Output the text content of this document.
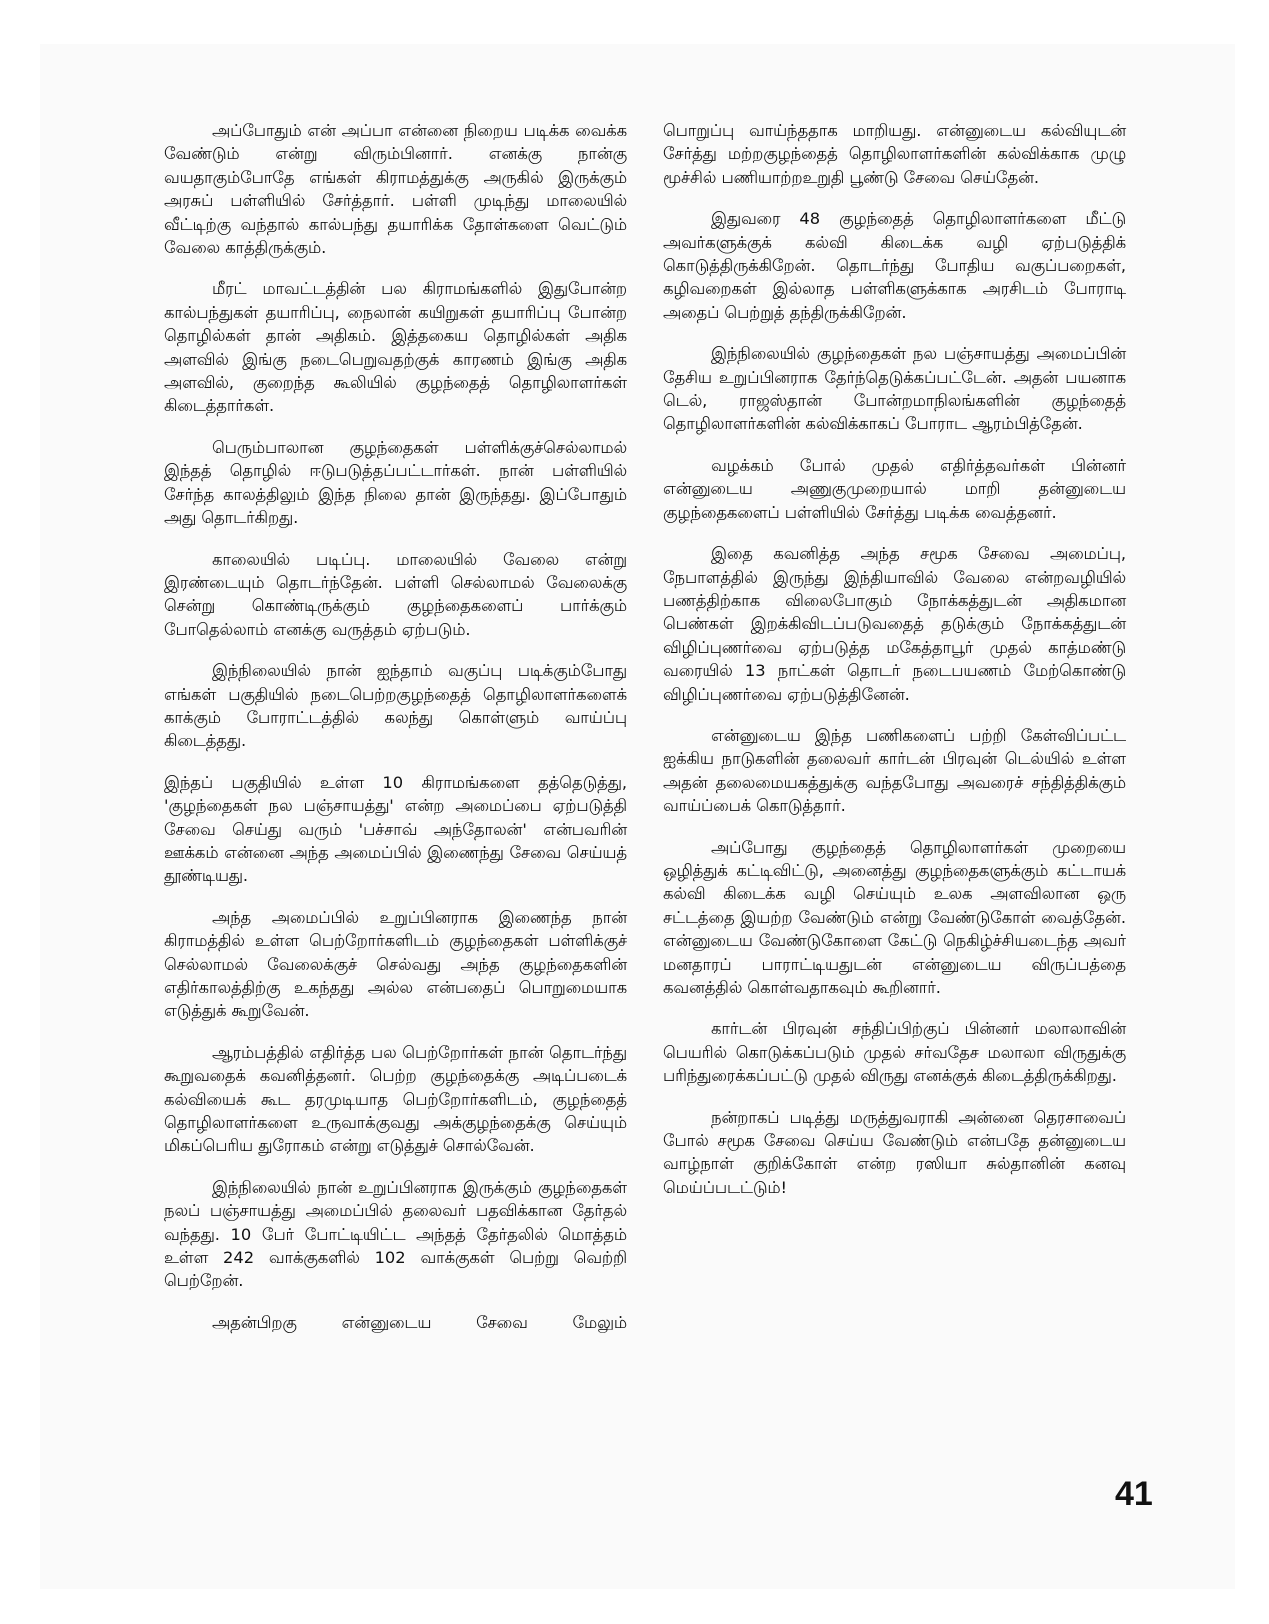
அப்போதும் என் அப்பா என்னை நிறைய படிக்க வைக்க வேண்டும் என்று விரும்பினார். எனக்கு நான்கு வயதாகும்போதே எங்கள் கிராமத்துக்கு அருகில் இருக்கும் அரசுப் பள்ளியில் சேர்த்தார். பள்ளி முடிந்து மாலையில் வீட்டிற்கு வந்தால் கால்பந்து தயாரிக்க தோள்களை வெட்டும் வேலை காத்திருக்கும்.

மீரட் மாவட்டத்தின் பல கிராமங்களில் இதுபோன்ற கால்பந்துகள் தயாரிப்பு, நைலான் கயிறுகள் தயாரிப்பு போன்ற தொழில்கள் தான் அதிகம். இத்தகைய தொழில்கள் அதிக அளவில் இங்கு நடைபெறுவதற்குக் காரணம் இங்கு அதிக அளவில், குறைந்த கூலியில் குழந்தைத் தொழிலாளர்கள் கிடைத்தார்கள்.

பெரும்பாலான குழந்தைகள் பள்ளிக்குச்செல்லாமல் இந்தத் தொழில் ஈடுபடுத்தப்பட்டார்கள். நான் பள்ளியில் சேர்ந்த காலத்திலும் இந்த நிலை தான் இருந்தது. இப்போதும் அது தொடர்கிறது.

காலையில் படிப்பு. மாலையில் வேலை என்று இரண்டையும் தொடர்ந்தேன். பள்ளி செல்லாமல் வேலைக்கு சென்று கொண்டிருக்கும் குழந்தைகளைப் பார்க்கும் போதெல்லாம் எனக்கு வருத்தம் ஏற்படும்.

இந்நிலையில் நான் ஐந்தாம் வகுப்பு படிக்கும்போது எங்கள் பகுதியில் நடைபெற்றகுழந்தைத் தொழிலாளர்களைக் காக்கும் போராட்டத்தில் கலந்து கொள்ளும் வாய்ப்பு கிடைத்தது.

இந்தப் பகுதியில் உள்ள 10 கிராமங்களை தத்தெடுத்து, 'குழந்தைகள் நல பஞ்சாயத்து' என்ற அமைப்பை ஏற்படுத்தி சேவை செய்து வரும் 'பச்சாவ் அந்தோலன்' என்பவரின் ஊக்கம் என்னை அந்த அமைப்பில் இணைந்து சேவை செய்யத் தூண்டியது.

அந்த அமைப்பில் உறுப்பினராக இணைந்த நான் கிராமத்தில் உள்ள பெற்றோர்களிடம் குழந்தைகள் பள்ளிக்குச் செல்லாமல் வேலைக்குச் செல்வது அந்த குழந்தைகளின் எதிர்காலத்திற்கு உகந்தது அல்ல என்பதைப் பொறுமையாக எடுத்துக் கூறுவேன்.

ஆரம்பத்தில் எதிர்த்த பல பெற்றோர்கள் நான் தொடர்ந்து கூறுவதைக் கவனித்தனர். பெற்ற குழந்தைக்கு அடிப்படைக் கல்வியைக் கூட தரமுடியாத பெற்றோர்களிடம், குழந்தைத் தொழிலாளர்களை உருவாக்குவது அக்குழந்தைக்கு செய்யும் மிகப்பெரிய துரோகம் என்று எடுத்துச் சொல்வேன்.

இந்நிலையில் நான் உறுப்பினராக இருக்கும் குழந்தைகள் நலப் பஞ்சாயத்து அமைப்பில் தலைவர் பதவிக்கான தேர்தல் வந்தது. 10 பேர் போட்டியிட்ட அந்தத் தேர்தலில் மொத்தம் உள்ள 242 வாக்குகளில் 102 வாக்குகள் பெற்று வெற்றி பெற்றேன்.

அதன்பிறகு என்னுடைய சேவை மேலும்

பொறுப்பு வாய்ந்ததாக மாறியது. என்னுடைய கல்வியுடன் சேர்த்து மற்றகுழந்தைத் தொழிலாளர்களின் கல்விக்காக முழு மூச்சில் பணியாற்றஉறுதி பூண்டு சேவை செய்தேன்.

இதுவரை 48 குழந்தைத் தொழிலாளர்களை மீட்டு அவர்களுக்குக் கல்வி கிடைக்க வழி ஏற்படுத்திக் கொடுத்திருக்கிறேன். தொடர்ந்து போதிய வகுப்பறைகள், கழிவறைகள் இல்லாத பள்ளிகளுக்காக அரசிடம் போராடி அதைப் பெற்றுத் தந்திருக்கிறேன்.

இந்நிலையில் குழந்தைகள் நல பஞ்சாயத்து அமைப்பின் தேசிய உறுப்பினராக தேர்ந்தெடுக்கப்பட்டேன். அதன் பயனாக டெல், ராஜஸ்தான் போன்றமாநிலங்களின் குழந்தைத் தொழிலாளர்களின் கல்விக்காகப் போராட ஆரம்பித்தேன்.

வழக்கம் போல் முதல் எதிர்த்தவர்கள் பின்னர் என்னுடைய அணுகுமுறையால் மாறி தன்னுடைய குழந்தைகளைப் பள்ளியில் சேர்த்து படிக்க வைத்தனர்.

இதை கவனித்த அந்த சமூக சேவை அமைப்பு, நேபாளத்தில் இருந்து இந்தியாவில் வேலை என்றவழியில் பணத்திற்காக விலைபோகும் நோக்கத்துடன் அதிகமான பெண்கள் இறக்கிவிடப்படுவதைத் தடுக்கும் நோக்கத்துடன் விழிப்புணர்வை ஏற்படுத்த மகேத்தாபூர் முதல் காத்மண்டு வரையில் 13 நாட்கள் தொடர் நடைபயணம் மேற்கொண்டு விழிப்புணர்வை ஏற்படுத்தினேன்.

என்னுடைய இந்த பணிகளைப் பற்றி கேள்விப்பட்ட ஐக்கிய நாடுகளின் தலைவர் கார்டன் பிரவுன் டெல்யில் உள்ள அதன் தலைமையகத்துக்கு வந்தபோது அவரைச் சந்தித்திக்கும் வாய்ப்பைக் கொடுத்தார்.

அப்போது குழந்தைத் தொழிலாளர்கள் முறையை ஒழித்துக் கட்டிவிட்டு, அனைத்து குழந்தைகளுக்கும் கட்டாயக் கல்வி கிடைக்க வழி செய்யும் உலக அளவிலான ஒரு சட்டத்தை இயற்ற வேண்டும் என்று வேண்டுகோள் வைத்தேன். என்னுடைய வேண்டுகோளை கேட்டு நெகிழ்ச்சியடைந்த அவர் மனதாரப் பாராட்டியதுடன் என்னுடைய விருப்பத்தை கவனத்தில் கொள்வதாகவும் கூறினார்.

கார்டன் பிரவுன் சந்திப்பிற்குப் பின்னர் மலாலாவின் பெயரில் கொடுக்கப்படும் முதல் சர்வதேச மலாலா விருதுக்கு பரிந்துரைக்கப்பட்டு முதல் விருது எனக்குக் கிடைத்திருக்கிறது.

நன்றாகப் படித்து மருத்துவராகி அன்னை தெரசாவைப் போல் சமூக சேவை செய்ய வேண்டும் என்பதே தன்னுடைய வாழ்நாள் குறிக்கோள் என்ற ரஸியா சுல்தானின் கனவு மெய்ப்படட்டும்!

41
